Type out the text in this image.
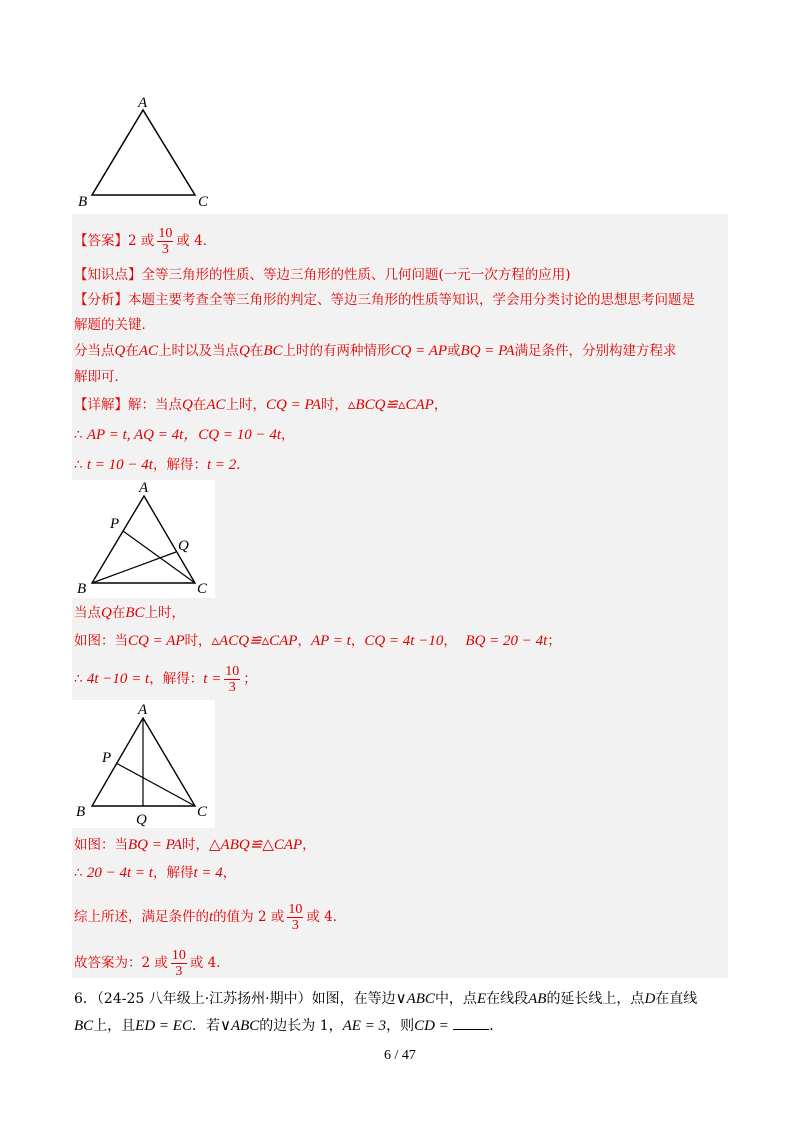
A
B	C
【答案】2 或 $\frac{10}{3}$ 或 4．
【知识点】全等三角形的性质、等边三角形的性质、几何问题(一元一次方程的应用)
【分析】本题主要考查全等三角形的判定、等边三角形的性质等知识，学会用分类讨论的思想思考问题是
解题的关键．
分当点Q在AC上时以及当点Q在BC上时的有两种情形CQ = AP或BQ = PA满足条件，分别构建方程求
解即可．
【详解】解：当点Q在AC上时，CQ = PA时，▵BCQ≌▵CAP，
∴ AP = t, AQ = 4t，CQ = 10 − 4t，
∴ t = 10 − 4t，解得：t = 2．
A
P
Q
B	C
当点Q在BC上时，
如图：当CQ = AP时，▵ACQ≌▵CAP，AP = t，CQ = 4t −10， BQ = 20 − 4t；
∴ 4t −10 = t，解得：$t = \frac{10}{3}$ ；
A
P
B	C
Q
如图：当BQ = PA时，△ABQ≌△CAP，
∴ 20 − 4t = t，解得t = 4，
综上所述，满足条件的t的值为 2 或 $\frac{10}{3}$ 或 4．
故答案为：2 或 $\frac{10}{3}$ 或 4．
6．（24-25 八年级上·江苏扬州·期中）如图，在等边∨ABC中，点E在线段AB的延长线上，点D在直线
BC上，且ED = EC．若∨ABC的边长为 1，AE = 3，则CD =	．
6 / 47
